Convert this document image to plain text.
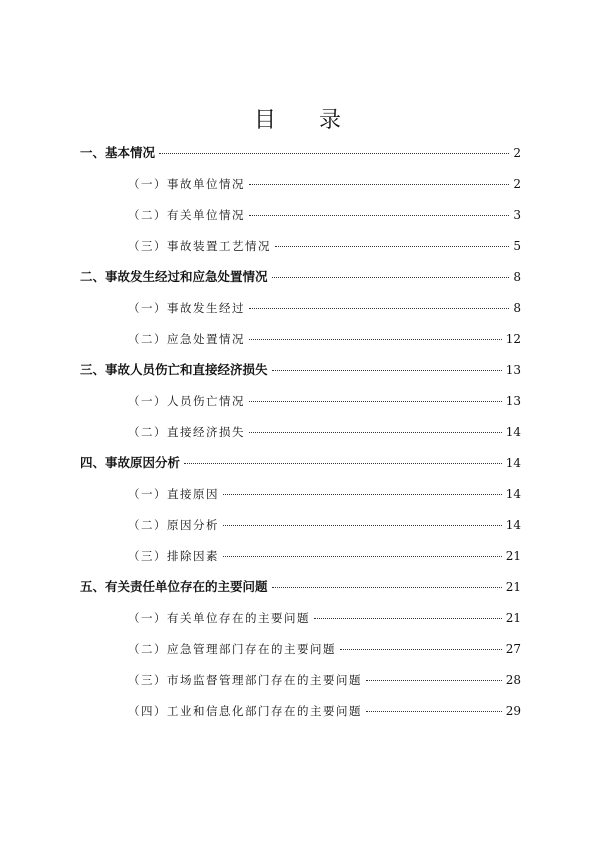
目 录
一、基本情况	2
（一）事故单位情况	2
（二）有关单位情况	3
（三）事故装置工艺情况	5
二、事故发生经过和应急处置情况	8
（一）事故发生经过	8
（二）应急处置情况	12
三、事故人员伤亡和直接经济损失	13
（一）人员伤亡情况	13
（二）直接经济损失	14
四、事故原因分析	14
（一）直接原因	14
（二）原因分析	14
（三）排除因素	21
五、有关责任单位存在的主要问题	21
（一）有关单位存在的主要问题	21
（二）应急管理部门存在的主要问题	27
（三）市场监督管理部门存在的主要问题	28
（四）工业和信息化部门存在的主要问题	29
